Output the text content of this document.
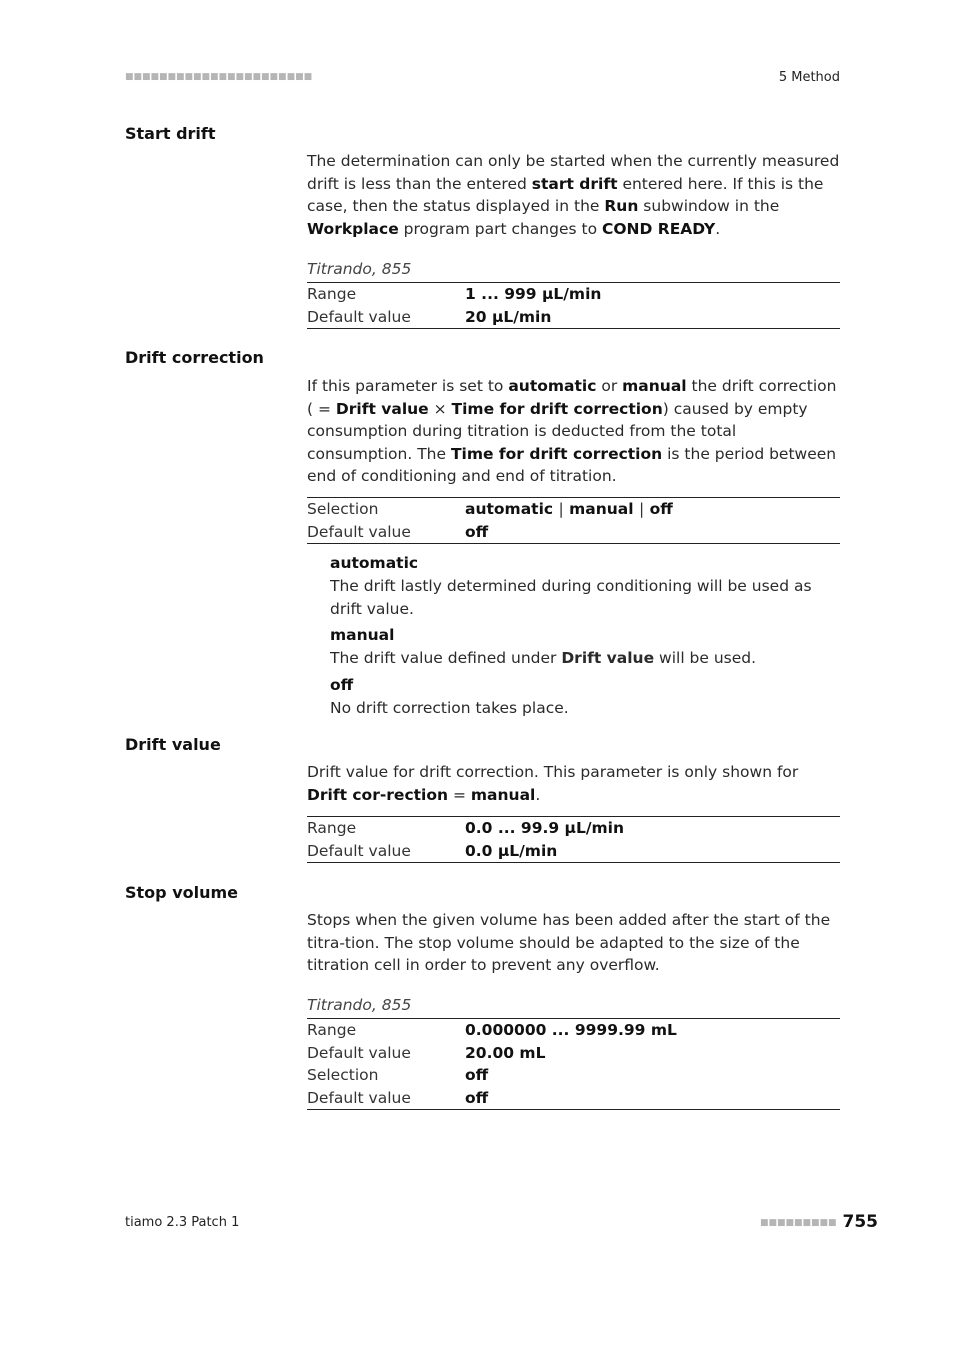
■■■■■■■■■■■■■■■■■■■■■■	5 Method
Start drift
The determination can only be started when the currently measured drift is less than the entered start drift entered here. If this is the case, then the status displayed in the Run subwindow in the Workplace program part changes to COND READY.
Titrando, 855
Range	1 ... 999 µL/min
Default value	20 µL/min
Drift correction
If this parameter is set to automatic or manual the drift correction ( = Drift value × Time for drift correction) caused by empty consumption during titration is deducted from the total consumption. The Time for drift correction is the period between end of conditioning and end of titration.
Selection	automatic | manual | off
Default value	off
automatic
The drift lastly determined during conditioning will be used as drift value.
manual
The drift value defined under Drift value will be used.
off
No drift correction takes place.
Drift value
Drift value for drift correction. This parameter is only shown for Drift cor-rection = manual.
Range	0.0 ... 99.9 µL/min
Default value	0.0 µL/min
Stop volume
Stops when the given volume has been added after the start of the titra-tion. The stop volume should be adapted to the size of the titration cell in order to prevent any overflow.
Titrando, 855
Range	0.000000 ... 9999.99 mL
Default value	20.00 mL
Selection	off
Default value	off
tiamo 2.3 Patch 1	■■■■■■■■■ 755
